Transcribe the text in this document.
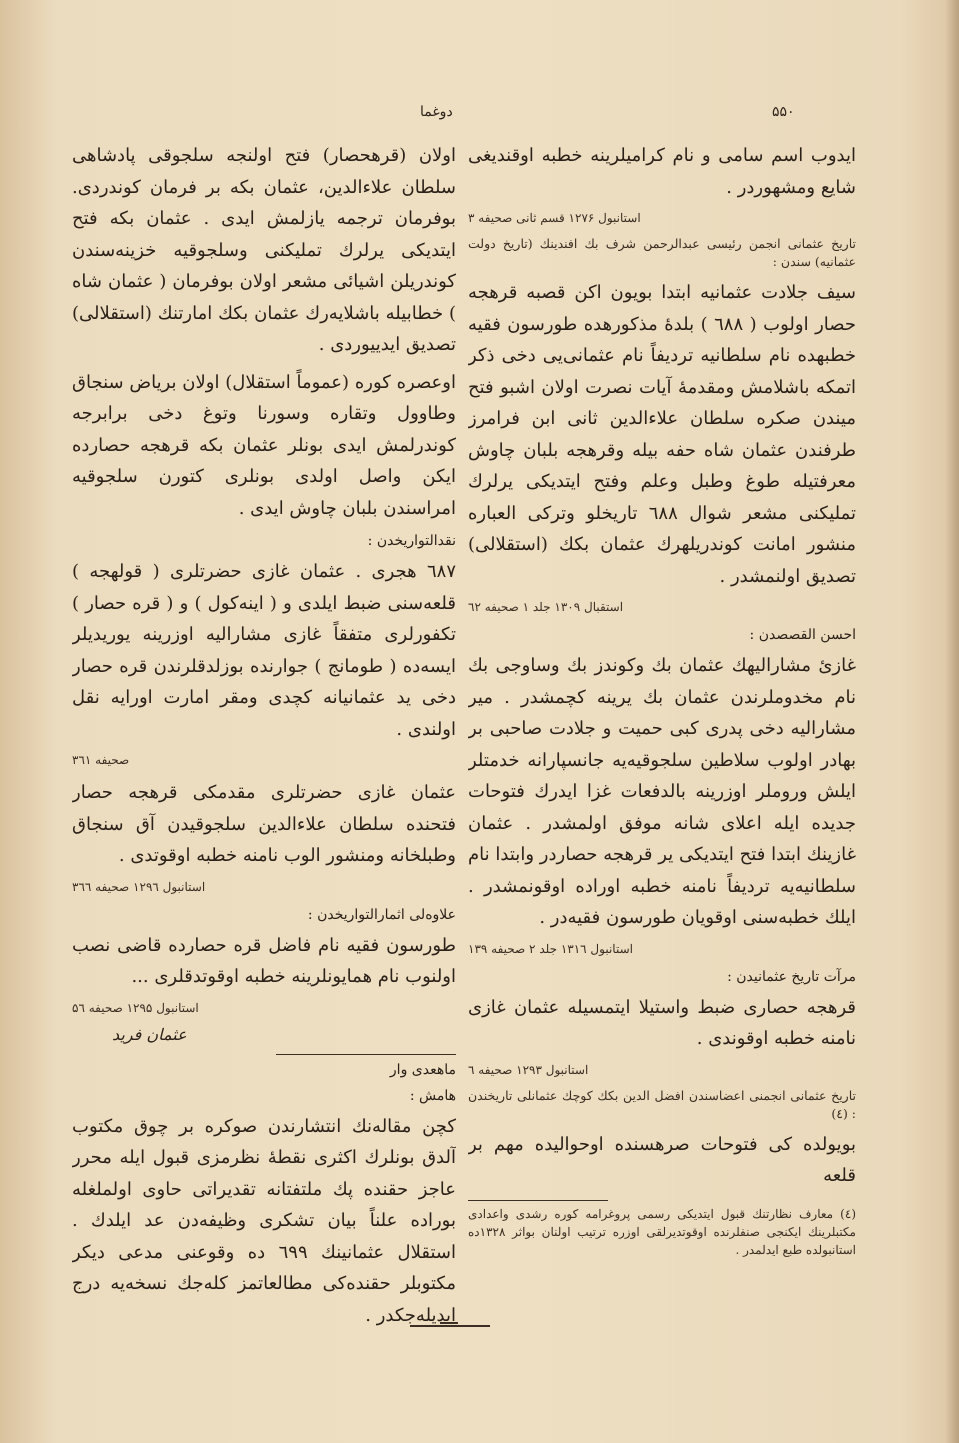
دوغما	۵۵۰

ایدوب اسم سامی و نام کرامیلرینه خطبه اوقندیغی شایع ومشهوردر .

استانبول ۱۲۷۶ قسم ثانی صحیفه ۳

تاریخ عثمانی انجمن رئیسی عبدالرحمن شرف بك افندینك (تاریخ دولت عثمانیه) سندن :

سیف جلادت عثمانیه ابتدا بویون اکن قصبه قرهجه حصار اولوب ( ٦٨٨ ) بلدهٔ مذکورهده طورسون فقیه خطبهده نام سلطانیه تردیفاً نام عثمانی‌یی دخی ذکر اتمکه باشلامش ومقدمهٔ آیات نصرت اولان اشبو فتح میندن صکره سلطان علاءالدین ثانی ابن فرامرز طرفندن عثمان شاه حفه بیله وقرهجه بلبان چاوش معرفتیله طوغ وطبل وعلم وفتح ایتدیکی یرلرك تملیکنی مشعر شوال ٦٨٨ تاریخلو وترکی العباره منشور امانت کوندریلهرك عثمان بکك (استقلالی) تصدیق اولنمشدر .

استقبال ۱۳۰۹ جلد ۱ صحیفه ٦۲

احسن القصصدن :

غازیٔ مشارالیهك عثمان بك وکوندز بك وساوجی بك نام مخدوملرندن عثمان بك یرینه کچمشدر . میر مشارالیه دخی پدری کبی حمیت و جلادت صاحبی بر بهادر اولوب سلاطین سلجوقیه‌یه جانسپارانه خدمتلر ایلش وروملر اوزرینه بالدفعات غزا ایدرك فتوحات جدیده ایله اعلای شانه موفق اولمشدر . عثمان غازینك ابتدا فتح ایتدیکی یر قرهجه حصاردر وابتدا نام سلطانیه‌یه تردیفاً نامنه خطبه اوراده اوقونمشدر . ایلك خطبه‌سنی اوقویان طورسون فقیه‌در .

استانبول ۱۳۱٦ جلد ۲ صحیفه ۱۳۹

مرآت تاریخ عثمانیدن :

قرهجه حصاری ضبط واستیلا ایتمسیله عثمان غازی نامنه خطبه اوقوندی .

استانبول ۱۲۹۳ صحیفه ٦

تاریخ عثمانی انجمنی اعضاسندن افضل الدین بکك کوچك عثمانلی تاریخندن : (٤)

بویولده کی فتوحات صرهسنده اوحوالیده مهم بر قلعه

(٤) معارف نظارتنك قبول ایتدیکی رسمی پروغرامه کوره رشدی واعدادی مکتبلرینك ایکنجی صنفلرنده اوقوتدیرلقی اوزره ترتیب اولنان بواثر ۱۳۲۸ده استانبولده طبع ایدلمدر .

اولان (قرهحصار) فتح اولنجه سلجوقی پادشاهی سلطان علاءالدین، عثمان بکه بر فرمان کوندردی. بوفرمان ترجمه یازلمش ایدی . عثمان بکه فتح ایتدیکی یرلرك تملیکنی وسلجوقیه خزینه‌سندن کوندریلن اشیائی مشعر اولان بوفرمان ( عثمان شاه ) خطابیله باشلایه‌رك عثمان بکك امارتنك (استقلالی) تصدیق ایدییوردی .

اوعصره کوره (عموماً استقلال) اولان بریاض سنجاق وطاوول وتقاره وسورنا وتوغ دخی برابرجه کوندرلمش ایدی بونلر عثمان بکه قرهجه حصارده ایکن واصل اولدی بونلری کتورن سلجوقیه امراسندن بلبان چاوش ایدی .

نقدالتواریخدن :

٦٨٧ هجری . عثمان غازی حضرتلری ( قولهجه ) قلعه‌سنی ضبط ایلدی و ( اینه‌کول ) و ( قره حصار ) تکفورلری متفقاً غازی مشارالیه اوزرینه یوریدیلر ایسه‌ده ( طومانج ) جوارنده بوزلدقلرندن قره حصار دخی ید عثمانیانه کچدی ومقر امارت اورایه نقل اولندی .

صحیفه ۳٦۱

عثمان غازی حضرتلری مقدمکی قرهجه حصار فتحنده سلطان علاءالدین سلجوقیدن آق سنجاق وطبلخانه ومنشور الوب نامنه خطبه اوقوتدی .

استانبول ۱۲۹٦ صحیفه ۳٦٦

علاوه‌لی اثمارالتواریخدن :

طورسون فقیه نام فاضل قره حصارده قاضی نصب اولنوب نام همایونلرینه خطبه اوقوتدقلری ...

استانبول ۱۲۹۵ صحیفه ۵٦

عثمان فرید

ماهعدی وار

هامش :

کچن مقاله‌نك انتشارندن صوکره بر چوق مکتوب آلدق بونلرك اکثری نقطهٔ نظرمزی قبول ایله محرر عاجز حقنده پك ملتفتانه تقدیراتی حاوی اولملغله بوراده علناً بیان تشکری وظیفه‌دن عد ایلدك . استقلال عثمانینك ٦۹۹ ده وقوعنی مدعی دیکر مکتوبلر حقنده‌کی مطالعاتمز کله‌جك نسخه‌یه درج ایدیله‌جکدر .
